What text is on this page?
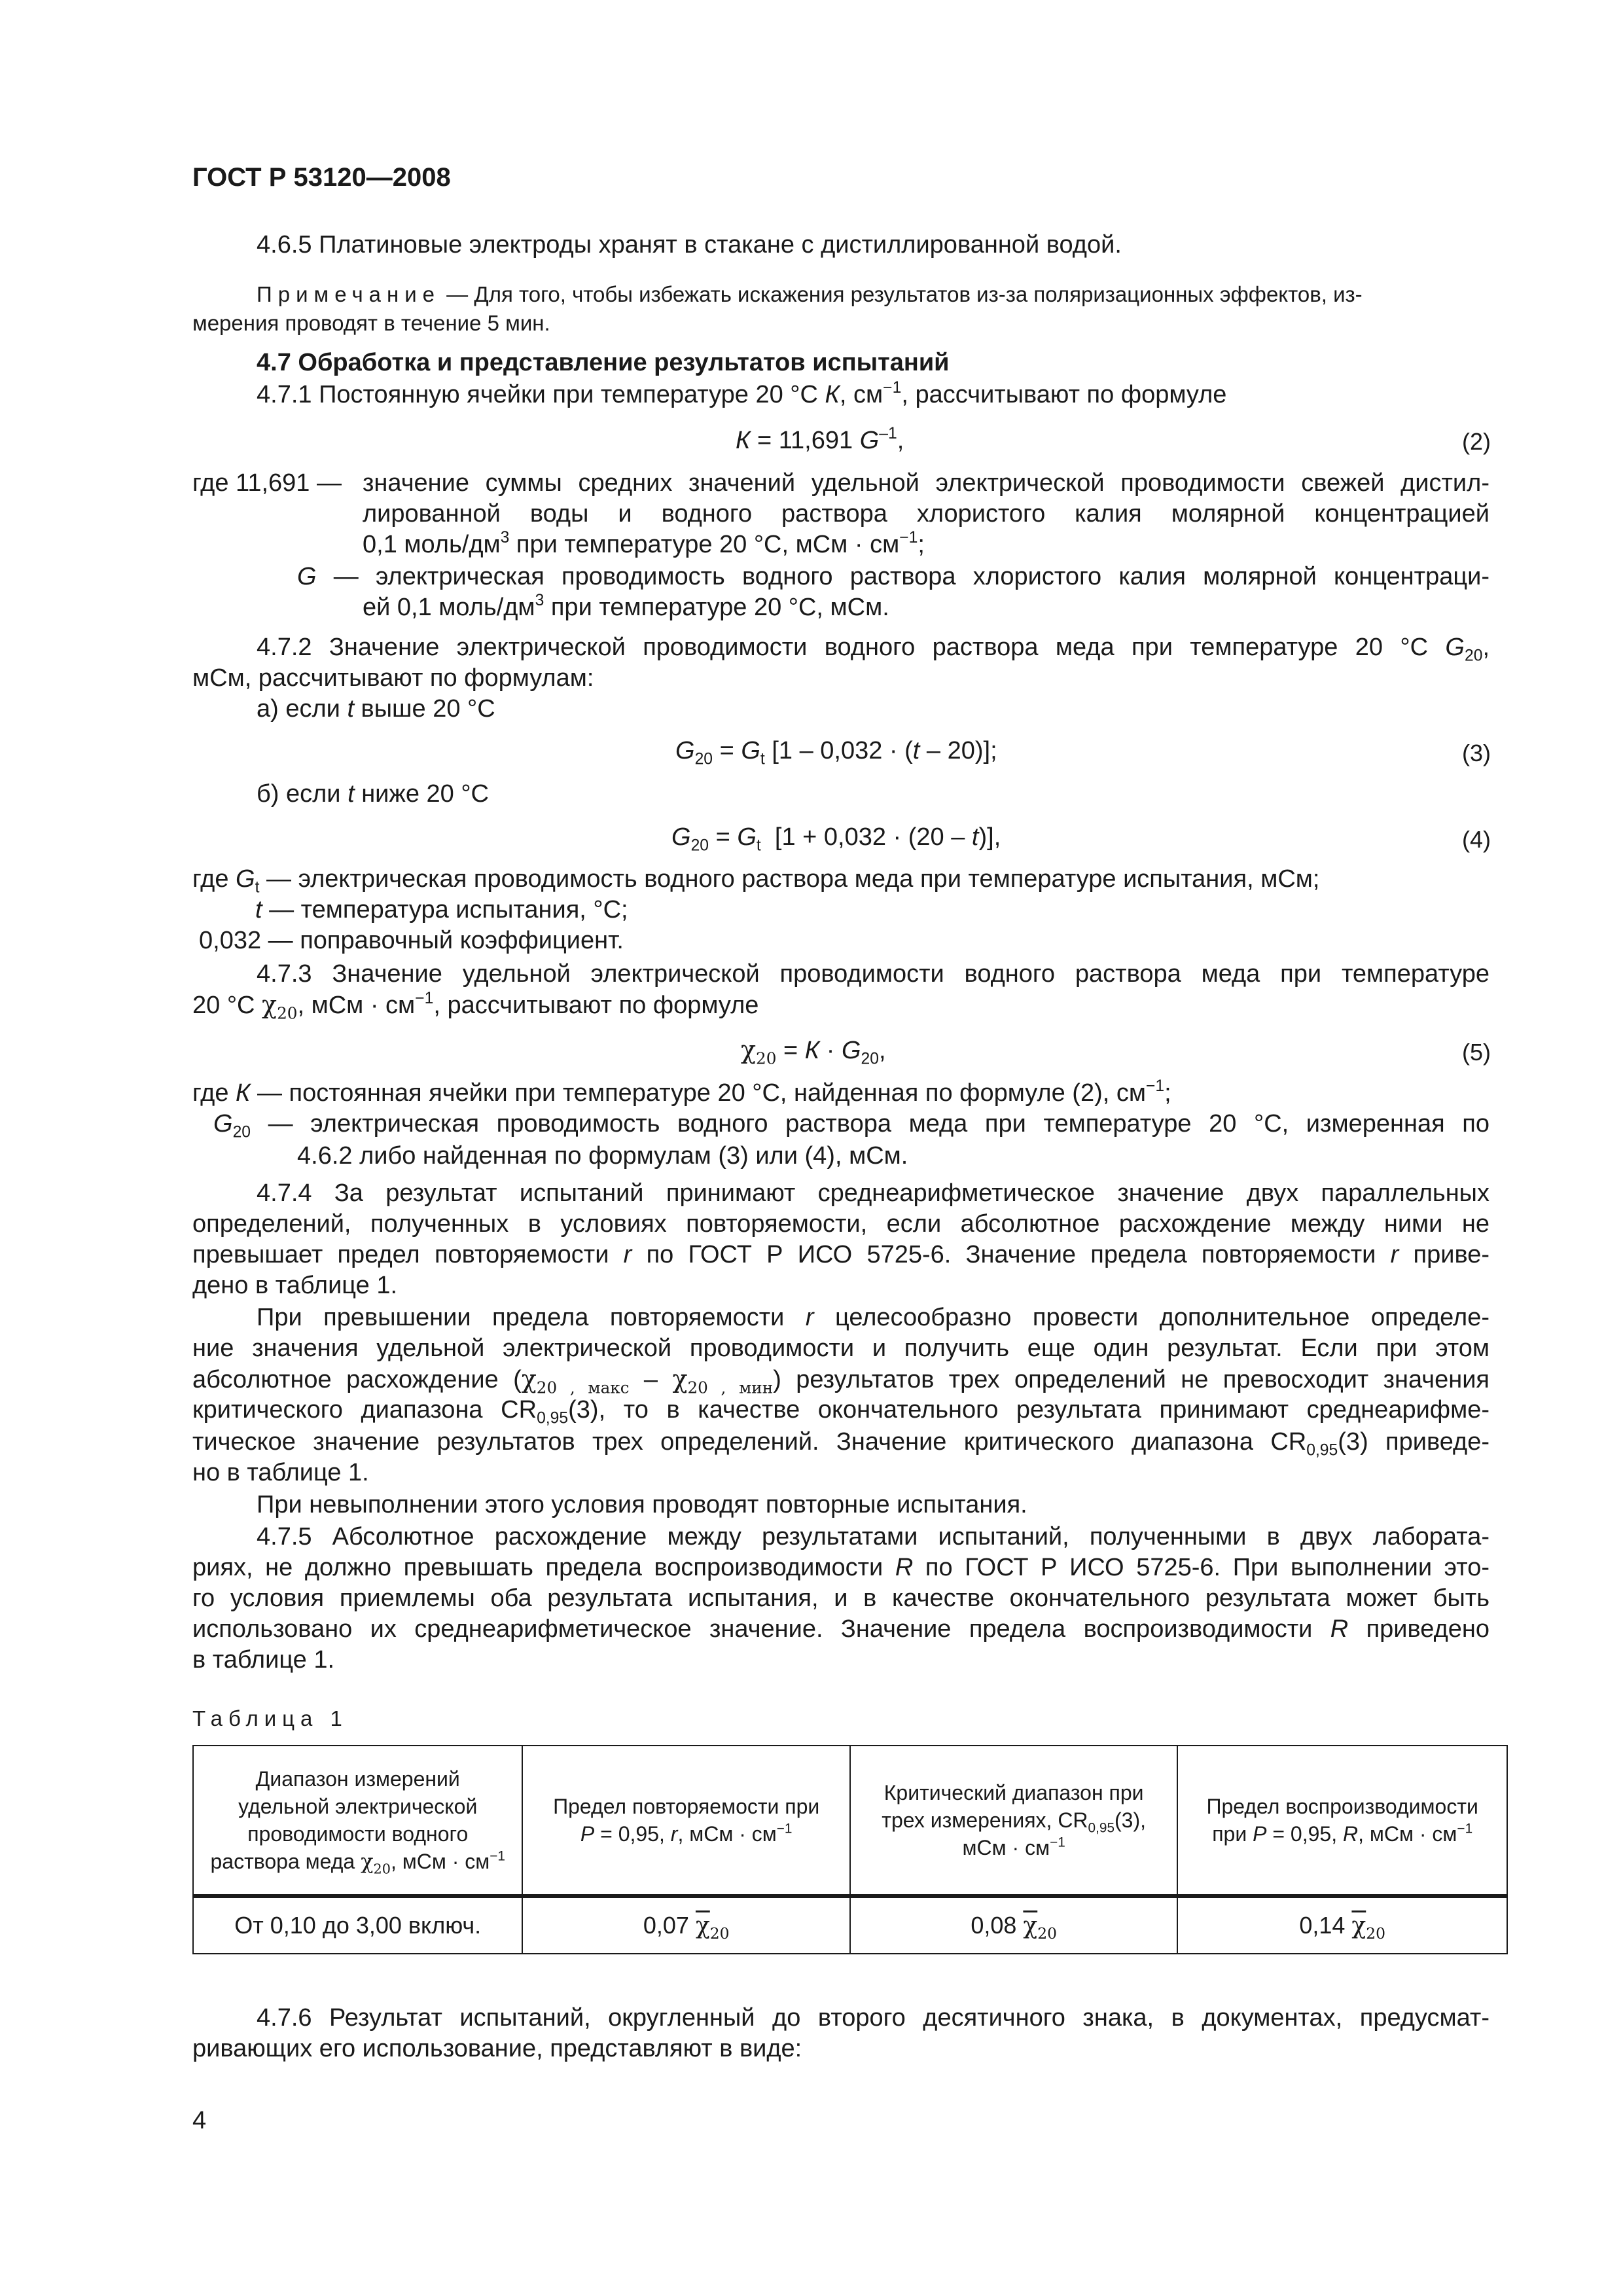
ГОСТ Р 53120—2008
4.6.5 Платиновые электроды хранят в стакане с дистиллированной водой.
Примечание — Для того, чтобы избежать искажения результатов из-за поляризационных эффектов, из-
мерения проводят в течение 5 мин.
4.7 Обработка и представление результатов испытаний
4.7.1 Постоянную ячейки при температуре 20 °С К, $см^{-1}$, рассчитывают по формуле
К = 11,691 $G^{-1}$,	(2)
где 11,691 — значение суммы средних значений удельной электрической проводимости свежей дистил-
лированной воды и водного раствора хлористого калия молярной концентрацией
0,1 моль/$дм^3$ при температуре 20 °С, мСм · $см^{-1}$;
G — электрическая проводимость водного раствора хлористого калия молярной концентраци-
ей 0,1 моль/$дм^3$ при температуре 20 °С, мСм.
4.7.2 Значение электрической проводимости водного раствора меда при температуре 20 °С $G_{20}$,
мСм, рассчитывают по формулам:
а) если t выше 20 °С
$G_{20} = G_t$ [1 – 0,032 · (t – 20)];	(3)
б) если t ниже 20 °С
$G_{20} = G_t$ [1 + 0,032 · (20 – t)],	(4)
где $G_t$ — электрическая проводимость водного раствора меда при температуре испытания, мСм;
t — температура испытания, °С;
0,032 — поправочный коэффициент.
4.7.3 Значение удельной электрической проводимости водного раствора меда при температуре
20 °С $\chi_{20}$, мСм · $см^{-1}$, рассчитывают по формуле
$\chi_{20} = К \cdot G_{20}$,	(5)
где К — постоянная ячейки при температуре 20 °С, найденная по формуле (2), $см^{-1}$;
$G_{20}$ — электрическая проводимость водного раствора меда при температуре 20 °С, измеренная по
4.6.2 либо найденная по формулам (3) или (4), мСм.
4.7.4 За результат испытаний принимают среднеарифметическое значение двух параллельных
определений, полученных в условиях повторяемости, если абсолютное расхождение между ними не
превышает предел повторяемости r по ГОСТ Р ИСО 5725-6. Значение предела повторяемости r приве-
дено в таблице 1.
При превышении предела повторяемости r целесообразно провести дополнительное определе-
ние значения удельной электрической проводимости и получить еще один результат. Если при этом
абсолютное расхождение $(\chi_{20 , макс} - \chi_{20 , мин})$ результатов трех определений не превосходит значения
критического диапазона $CR_{0,95}(3)$, то в качестве окончательного результата принимают среднеарифме-
тическое значение результатов трех определений. Значение критического диапазона $CR_{0,95}(3)$ приведе-
но в таблице 1.
При невыполнении этого условия проводят повторные испытания.
4.7.5 Абсолютное расхождение между результатами испытаний, полученными в двух лабората-
риях, не должно превышать предела воспроизводимости R по ГОСТ Р ИСО 5725-6. При выполнении это-
го условия приемлемы оба результата испытания, и в качестве окончательного результата может быть
использовано их среднеарифметическое значение. Значение предела воспроизводимости R приведено
в таблице 1.
Таблица 1
Диапазон измерений
удельной электрической
проводимости водного
раствора меда $\chi_{20}$, мСм · $см^{-1}$	Предел повторяемости при
P = 0,95, r, мСм · $см^{-1}$	Критический диапазон при
трех измерениях, $CR_{0,95}(3)$,
мСм · $см^{-1}$	Предел воспроизводимости
при P = 0,95, R, мСм · $см^{-1}$
От 0,10 до 3,00 включ.	0,07 $\overline{\chi}_{20}$	0,08 $\overline{\chi}_{20}$	0,14 $\overline{\chi}_{20}$
4.7.6 Результат испытаний, округленный до второго десятичного знака, в документах, предусмат-
ривающих его использование, представляют в виде:
4
